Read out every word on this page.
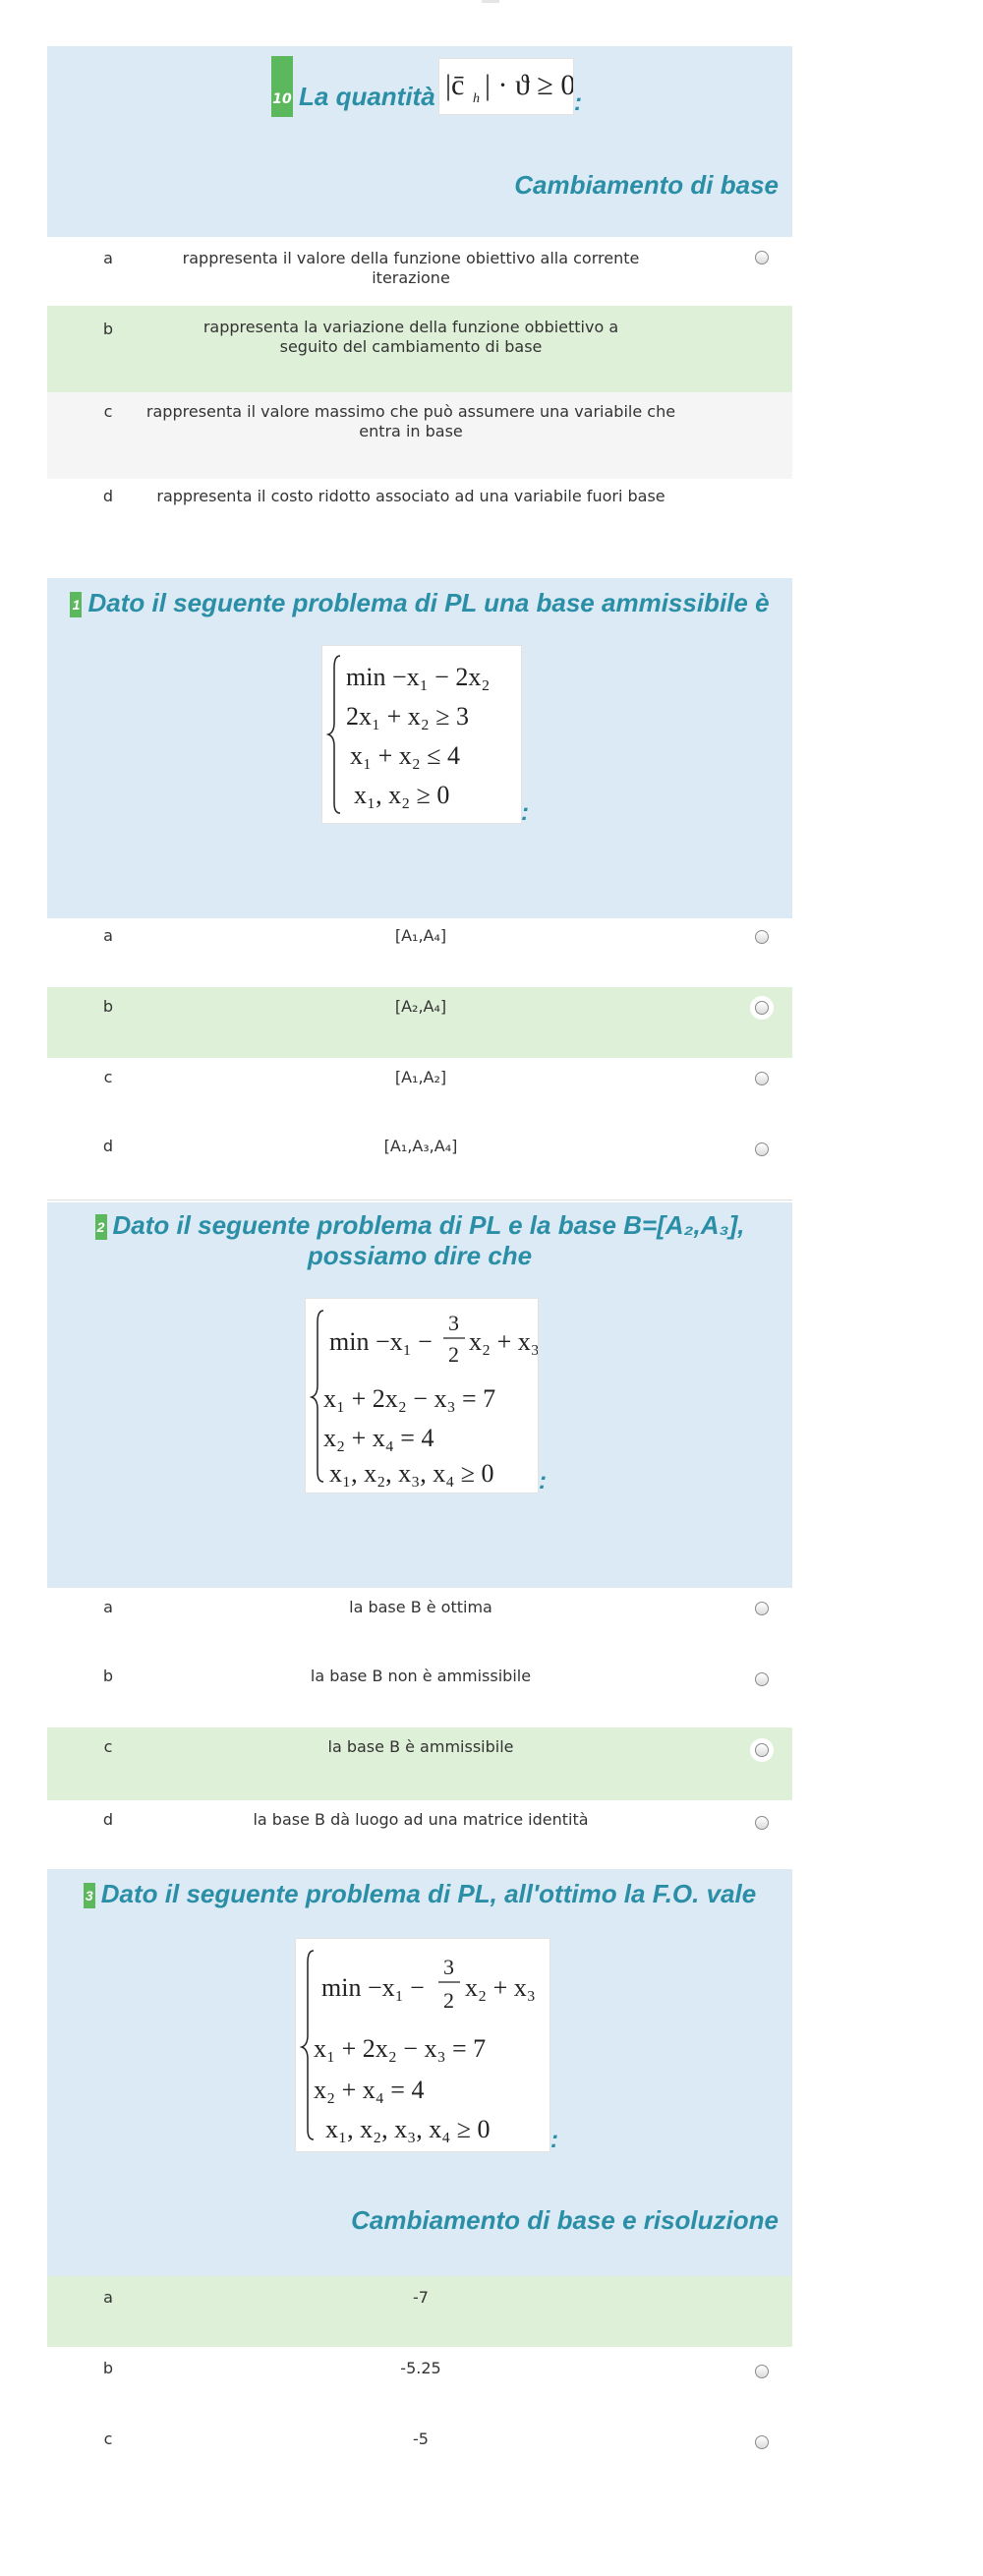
10 La quantità |c̄ h | · ϑ ≥ 0
:
Cambiamento di base
a	rappresenta il valore della funzione obiettivo alla corrente iterazione
b	rappresenta la variazione della funzione obbiettivo a seguito del cambiamento di base
c	rappresenta il valore massimo che può assumere una variabile che entra in base
d	rappresenta il costo ridotto associato ad una variabile fuori base
1 Dato il seguente problema di PL una base ammissibile è
min −x₁ − 2x₂
2x₁ + x₂ ≥ 3
x₁ + x₂ ≤ 4
x₁, x₂ ≥ 0
:
a	[A₁,A₄]
b	[A₂,A₄]
c	[A₁,A₂]
d	[A₁,A₃,A₄]
2 Dato il seguente problema di PL e la base B=[A₂,A₃],
possiamo dire che
min −x₁ −
3
2 x₂ + x₃
x₁ + 2x₂ − x₃ = 7
x₂ + x₄ = 4
x₁, x₂, x₃, x₄ ≥ 0 :
a	la base B è ottima
b	la base B non è ammissibile
c	la base B è ammissibile
d	la base B dà luogo ad una matrice identità
3 Dato il seguente problema di PL, all'ottimo la F.O. vale
min −x₁ −
3
2 x₂ + x₃
x₁ + 2x₂ − x₃ = 7
x₂ + x₄ = 4
x₁, x₂, x₃, x₄ ≥ 0	:
Cambiamento di base e risoluzione
a	-7
b	-5.25
c	-5
